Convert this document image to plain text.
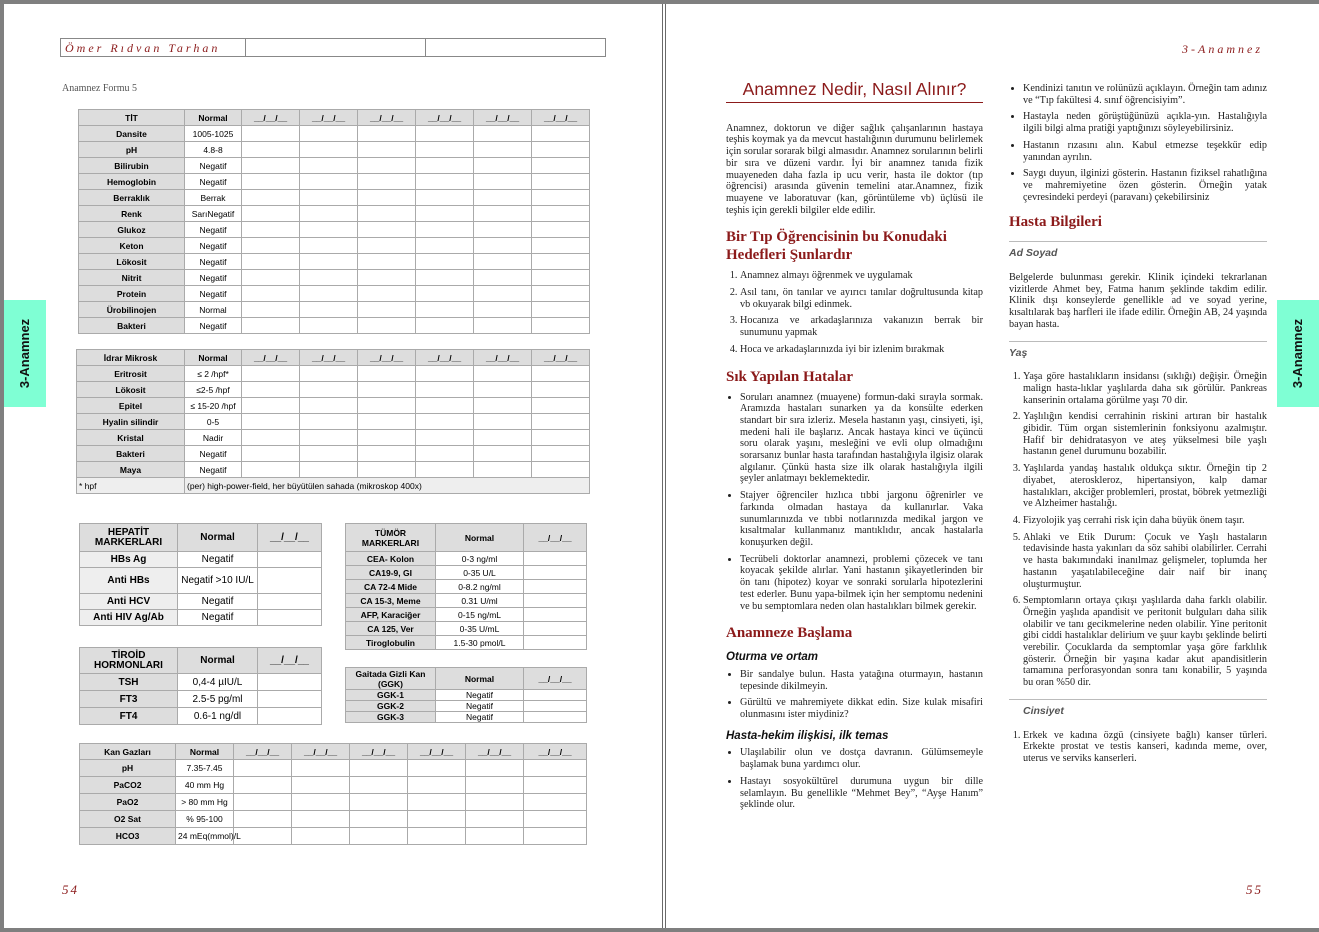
Ömer Rıdvan Tarhan
Anamnez Formu 5
TİT	Normal	__/__/__	__/__/__	__/__/__	__/__/__	__/__/__	__/__/__
Dansite	1005-1025						
pH	4.8-8						
Bilirubin	Negatif						
Hemoglobin	Negatif						
Berraklık	Berrak						
Renk	SarıNegatif						
Glukoz	Negatif						
Keton	Negatif						
Lökosit	Negatif						
Nitrit	Negatif						
Protein	Negatif						
Ürobilinojen	Normal						
Bakteri	Negatif						
İdrar Mikrosk	Normal	__/__/__	__/__/__	__/__/__	__/__/__	__/__/__	__/__/__
Eritrosit	≤ 2 /hpf*						
Lökosit	≤2-5 /hpf						
Epitel	≤ 15-20 /hpf						
Hyalin silindir	0-5						
Kristal	Nadir						
Bakteri	Negatif						
Maya	Negatif						
* hpf	(per) high-power-field, her büyütülen sahada (mikroskop 400x)						
HEPATİT MARKERLARI	Normal	__/__/__
HBs Ag	Negatif	
Anti HBs	Negatif >10 IU/L	
Anti HCV	Negatif	
Anti HIV Ag/Ab	Negatif	
TÜMÖR MARKERLARI	Normal	__/__/__
CEA- Kolon	0-3 ng/ml	
CA19-9, GI	0-35 U/L	
CA 72-4 Mide	0-8.2 ng/ml	
CA 15-3, Meme	0.31 U/ml	
AFP, Karaciğer	0-15 ng/mL	
CA 125, Ver	0-35 U/mL	
Tiroglobulin	1.5-30 pmol/L	
TİROİD HORMONLARI	Normal	__/__/__
TSH	0,4-4 µIU/L	
FT3	2.5-5 pg/ml	
FT4	0.6-1 ng/dl	
Gaitada Gizli Kan (GGK)	Normal	__/__/__
GGK-1	Negatif	
GGK-2	Negatif	
GGK-3	Negatif	
Kan Gazları	Normal	__/__/__	__/__/__	__/__/__	__/__/__	__/__/__	__/__/__
pH	7.35-7.45						
PaCO2	40 mm Hg						
PaO2	> 80 mm Hg						
O2 Sat	% 95-100						
HCO3	24 mEq(mmol)/L						
3-Anamnez
54
3-Anamnez
Anamnez Nedir, Nasıl Alınır?

Anamnez, doktorun ve diğer sağlık çalışanlarının hastaya teşhis koymak ya da mevcut hastalığının durumunu belirlemek için sorular sorarak bilgi almasıdır. Anamnez sorularının belirli bir sıra ve düzeni vardır. İyi bir anamnez tanıda fizik muayeneden daha fazla ip ucu verir, hasta ile doktor (tıp öğrencisi) arasında güvenin temelini atar.Anamnez, fizik muayene ve laboratuvar (kan, görüntüleme vb) üçlüsü ile teşhis için gerekli bilgiler elde edilir.

Bir Tıp Öğrencisinin bu Konudaki Hedefleri Şunlardır
1. Anamnez almayı öğrenmek ve uygulamak
2. Asıl tanı, ön tanılar ve ayırıcı tanılar doğrultusunda kitap vb okuyarak bilgi edinmek.
3. Hocanıza ve arkadaşlarınıza vakanızın berrak bir sunumunu yapmak
4. Hoca ve arkadaşlarınızda iyi bir izlenim bırakmak
Sık Yapılan Hatalar
• Soruları anamnez (muayene) formun-daki sırayla sormak. Aramızda hastaları sunarken ya da konsülte ederken standart bir sıra izleriz. Mesela hastanın yaşı, cinsiyeti, işi, medeni hali ile başlarız. Ancak hastaya kinci ve üçüncü soru olarak yaşını, mesleğini ve evli olup olmadığını sorarsanız bunlar hasta tarafından hastalığıyla ilgisiz olarak algılanır. Çünkü hasta size ilk olarak hastalığıyla ilgili şeyler anlatmayı beklemektedir.
• Stajyer öğrenciler hızlıca tıbbi jargonu öğrenirler ve farkında olmadan hastaya da kullanırlar. Vaka sunumlarınızda ve tıbbi notlarınızda medikal jargon ve kısaltmalar kullanmanız mantıklıdır, ancak hastalarla konuşurken değil.
• Tecrübeli doktorlar anamnezi, problemi çözecek ve tanı koyacak şekilde alırlar. Yani hastanın şikayetlerinden bir ön tanı (hipotez) koyar ve sonraki sorularla hipotezlerini test ederler. Bunu yapa-bilmek için her semptomu nedenini ve bu semptomlara neden olan hastalıkları bilmek gerekir.
Anamneze Başlama
Oturma ve ortam
• Bir sandalye bulun. Hasta yatağına oturmayın, hastanın tepesinde dikilmeyin.
• Gürültü ve mahremiyete dikkat edin. Size kulak misafiri olunmasını ister miydiniz?
Hasta-hekim ilişkisi, ilk temas
• Ulaşılabilir olun ve dostça davranın. Gülümsemeyle başlamak buna yardımcı olur.
• Hastayı sosyokültürel durumuna uygun bir dille selamlayın. Bu genellikle “Mehmet Bey”, “Ayşe Hanım” şeklinde olur.
• Kendinizi tanıtın ve rolünüzü açıklayın. Örneğin tam adınız ve “Tıp fakültesi 4. sınıf öğrencisiyim”.
• Hastayla neden görüştüğünüzü açıkla-yın. Hastalığıyla ilgili bilgi alma pratiği yaptığınızı söyleyebilirsiniz.
• Hastanın rızasını alın. Kabul etmezse teşekkür edip yanından ayrılın.
• Saygı duyun, ilginizi gösterin. Hastanın fiziksel rahatlığına ve mahremiyetine özen gösterin. Örneğin yatak çevresindeki perdeyi (paravanı) çekebilirsiniz
Hasta Bilgileri
Ad Soyad

Belgelerde bulunması gerekir. Klinik içindeki tekrarlanan vizitlerde Ahmet bey, Fatma hanım şeklinde takdim edilir. Klinik dışı konseylerde genellikle ad ve soyad yerine, kısaltılarak baş harfleri ile ifade edilir. Örneğin AB, 24 yaşında bayan hasta.

Yaş
1. Yaşa göre hastalıkların insidansı (sıklığı) değişir. Örneğin malign hasta-lıklar yaşlılarda daha sık görülür. Pankreas kanserinin ortalama görülme yaşı 70 dir.
2. Yaşlılığın kendisi cerrahinin riskini artıran bir hastalık gibidir. Tüm organ sistemlerinin fonksiyonu azalmıştır. Hafif bir dehidratasyon ve ateş yükselmesi bile yaşlı hastanın genel durumunu bozabilir.
3. Yaşlılarda yandaş hastalık oldukça sıktır. Örneğin tip 2 diyabet, ateroskleroz, hipertansiyon, kalp damar hastalıkları, akciğer problemleri, prostat, böbrek yetmezliği ve Alzheimer hastalığı.
4. Fizyolojik yaş cerrahi risk için daha büyük önem taşır.
5. Ahlaki ve Etik Durum: Çocuk ve Yaşlı hastaların tedavisinde hasta yakınları da söz sahibi olabilirler. Cerrahi ve hasta bakımındaki inanılmaz gelişmeler, toplumda her hastanın yaşatılabileceğine dair naif bir inanç oluşturmuştur.
6. Semptomların ortaya çıkışı yaşlılarda daha farklı olabilir. Örneğin yaşlıda apandisit ve peritonit bulguları daha silik olabilir ve tanı gecikmelerine neden olabilir. Yine peritonit gibi ciddi hastalıklar delirium ve şuur kaybı şeklinde belirti verebilir. Çocuklarda da semptomlar yaşa göre farklılık gösterir. Örneğin bir yaşına kadar akut apandisitlerin tamamına perforasyondan sonra tanı konabilir, 5 yaşında bu oran %50 dir.
Cinsiyet
1. Erkek ve kadına özgü (cinsiyete bağlı) kanser türleri. Erkekte prostat ve testis kanseri, kadında meme, over, uterus ve serviks kanserleri.
3-Anamnez
55
